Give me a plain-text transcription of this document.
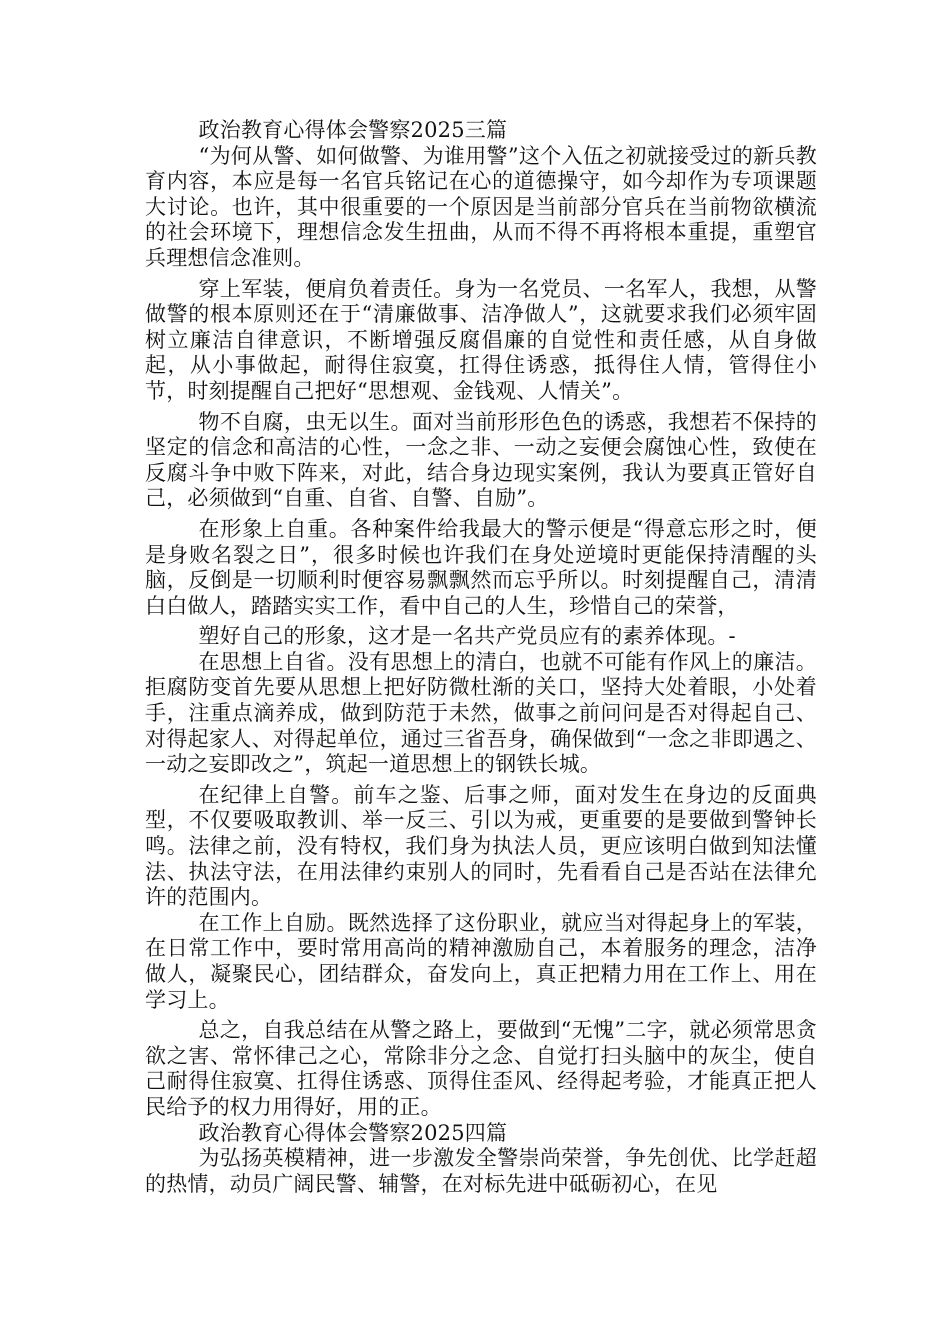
政治教育心得体会警察2025三篇

“为何从警、如何做警、为谁用警”这个入伍之初就接受过的新兵教育内容，本应是每一名官兵铭记在心的道德操守，如今却作为专项课题大讨论。也许，其中很重要的一个原因是当前部分官兵在当前物欲横流的社会环境下，理想信念发生扭曲，从而不得不再将根本重提，重塑官兵理想信念准则。

穿上军装，便肩负着责任。身为一名党员、一名军人，我想，从警做警的根本原则还在于“清廉做事、洁净做人”，这就要求我们必须牢固树立廉洁自律意识，不断增强反腐倡廉的自觉性和责任感，从自身做起，从小事做起，耐得住寂寞，扛得住诱惑，抵得住人情，管得住小节，时刻提醒自己把好“思想观、金钱观、人情关”。

物不自腐，虫无以生。面对当前形形色色的诱惑，我想若不保持的坚定的信念和高洁的心性，一念之非、一动之妄便会腐蚀心性，致使在反腐斗争中败下阵来，对此，结合身边现实案例，我认为要真正管好自己，必须做到“自重、自省、自警、自励”。

在形象上自重。各种案件给我最大的警示便是“得意忘形之时，便是身败名裂之日”，很多时候也许我们在身处逆境时更能保持清醒的头脑，反倒是一切顺利时便容易飘飘然而忘乎所以。时刻提醒自己，清清白白做人，踏踏实实工作，看中自己的人生，珍惜自己的荣誉，

塑好自己的形象，这才是一名共产党员应有的素养体现。-

在思想上自省。没有思想上的清白，也就不可能有作风上的廉洁。拒腐防变首先要从思想上把好防微杜渐的关口，坚持大处着眼，小处着手，注重点滴养成，做到防范于未然，做事之前问问是否对得起自己、对得起家人、对得起单位，通过三省吾身，确保做到“一念之非即遇之、一动之妄即改之”，筑起一道思想上的钢铁长城。

在纪律上自警。前车之鉴、后事之师，面对发生在身边的反面典型，不仅要吸取教训、举一反三、引以为戒，更重要的是要做到警钟长鸣。法律之前，没有特权，我们身为执法人员，更应该明白做到知法懂法、执法守法，在用法律约束别人的同时，先看看自己是否站在法律允许的范围内。

在工作上自励。既然选择了这份职业，就应当对得起身上的军装，在日常工作中，要时常用高尚的精神激励自己，本着服务的理念，洁净做人，凝聚民心，团结群众，奋发向上，真正把精力用在工作上、用在学习上。

总之，自我总结在从警之路上，要做到“无愧”二字，就必须常思贪欲之害、常怀律己之心，常除非分之念、自觉打扫头脑中的灰尘，使自己耐得住寂寞、扛得住诱惑、顶得住歪风、经得起考验，才能真正把人民给予的权力用得好，用的正。

政治教育心得体会警察2025四篇

为弘扬英模精神，进一步激发全警崇尚荣誉，争先创优、比学赶超的热情，动员广阔民警、辅警，在对标先进中砥砺初心，在见
